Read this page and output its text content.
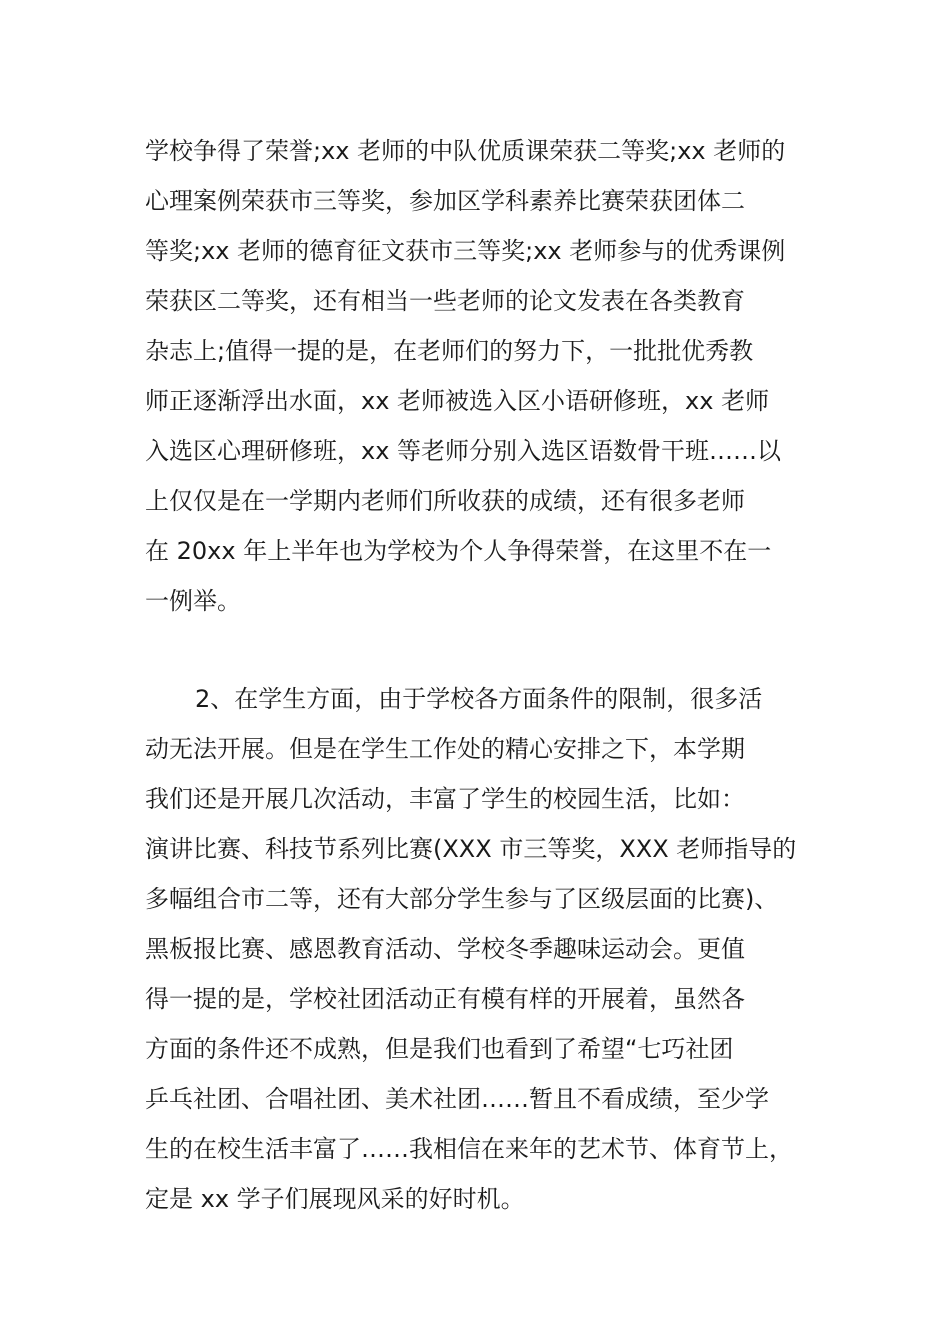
学校争得了荣誉;xx 老师的中队优质课荣获二等奖;xx 老师的
心理案例荣获市三等奖，参加区学科素养比赛荣获团体二
等奖;xx 老师的德育征文获市三等奖;xx 老师参与的优秀课例
荣获区二等奖，还有相当一些老师的论文发表在各类教育
杂志上;值得一提的是，在老师们的努力下，一批批优秀教
师正逐渐浮出水面，xx 老师被选入区小语研修班，xx 老师
入选区心理研修班，xx 等老师分别入选区语数骨干班……以
上仅仅是在一学期内老师们所收获的成绩，还有很多老师
在 20xx 年上半年也为学校为个人争得荣誉，在这里不在一
一例举。
2、在学生方面，由于学校各方面条件的限制，很多活
动无法开展。但是在学生工作处的精心安排之下，本学期
我们还是开展几次活动，丰富了学生的校园生活，比如：
演讲比赛、科技节系列比赛(XXX 市三等奖，XXX 老师指导的
多幅组合市二等，还有大部分学生参与了区级层面的比赛)、
黑板报比赛、感恩教育活动、学校冬季趣味运动会。更值
得一提的是，学校社团活动正有模有样的开展着，虽然各
方面的条件还不成熟，但是我们也看到了希望“七巧社团
乒乓社团、合唱社团、美术社团……暂且不看成绩，至少学
生的在校生活丰富了……我相信在来年的艺术节、体育节上，
定是 xx 学子们展现风采的好时机。
